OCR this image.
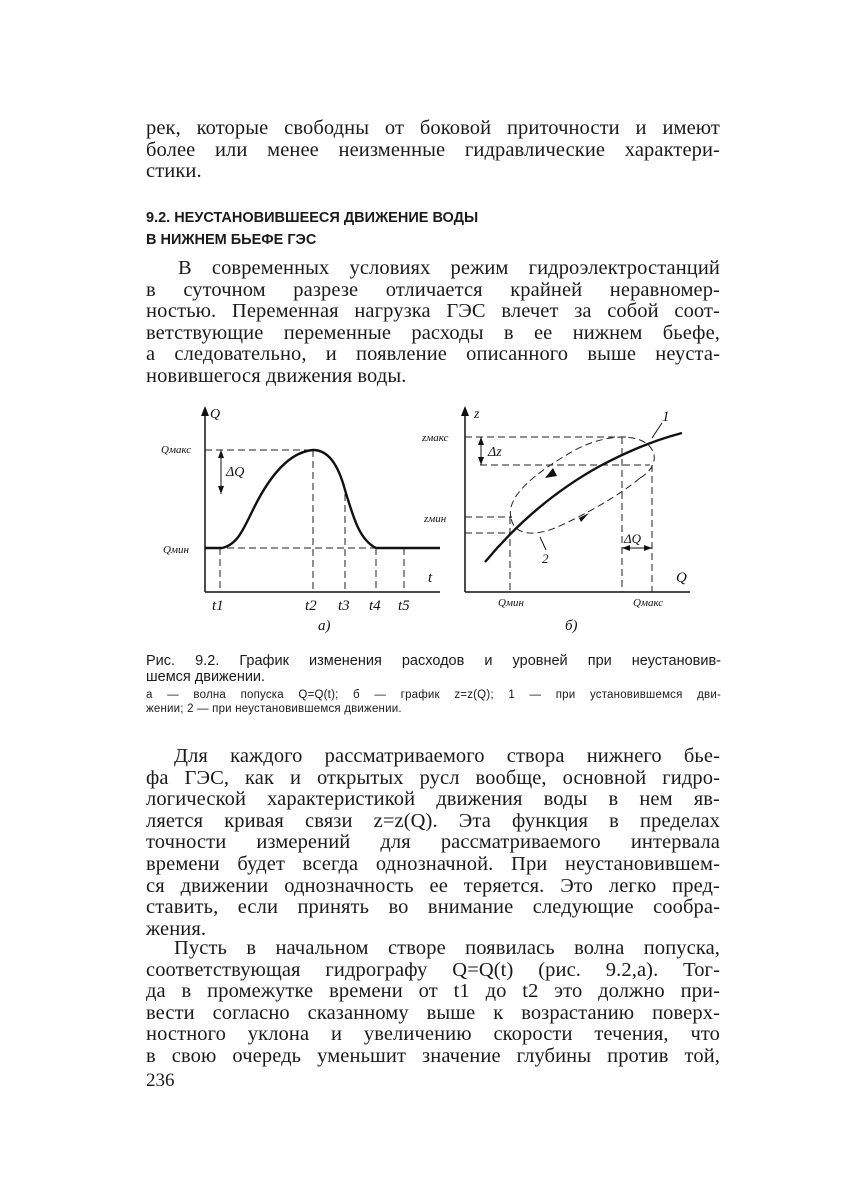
рек, которые свободны от боковой приточности и имеют
более или менее неизменные гидравлические характери-
стики.
9.2. НЕУСТАНОВИВШЕЕСЯ ДВИЖЕНИЕ ВОДЫ
В НИЖНЕМ БЬЕФЕ ГЭС
В современных условиях режим гидроэлектростанций
в суточном разрезе отличается крайней неравномер-
ностью. Переменная нагрузка ГЭС влечет за собой соот-
ветствующие переменные расходы в ее нижнем бьефе,
а следовательно, и появление описанного выше неуста-
новившегося движения воды.
Q
t
Qмакс
Qмин
ΔQ
t1	t2 t3 t4 t5
а)
z
Q
zмакс
zмин
1
2
Δz
ΔQ
Qмин	Qмакс
б)
Рис. 9.2. График изменения расходов и уровней при неустановив-
шемся движении.
а — волна попуска Q=Q(t); б — график z=z(Q); 1 — при установившемся дви-
жении; 2 — при неустановившемся движении.
Для каждого рассматриваемого створа нижнего бье-
фа ГЭС, как и открытых русл вообще, основной гидро-
логической характеристикой движения воды в нем яв-
ляется кривая связи z=z(Q). Эта функция в пределах
точности измерений для рассматриваемого интервала
времени будет всегда однозначной. При неустановившем-
ся движении однозначность ее теряется. Это легко пред-
ставить, если принять во внимание следующие сообра-
жения.
Пусть в начальном створе появилась волна попуска,
соответствующая гидрографу Q=Q(t) (рис. 9.2,а). Тог-
да в промежутке времени от t1 до t2 это должно при-
вести согласно сказанному выше к возрастанию поверх-
ностного уклона и увеличению скорости течения, что
в свою очередь уменьшит значение глубины против той,
236
